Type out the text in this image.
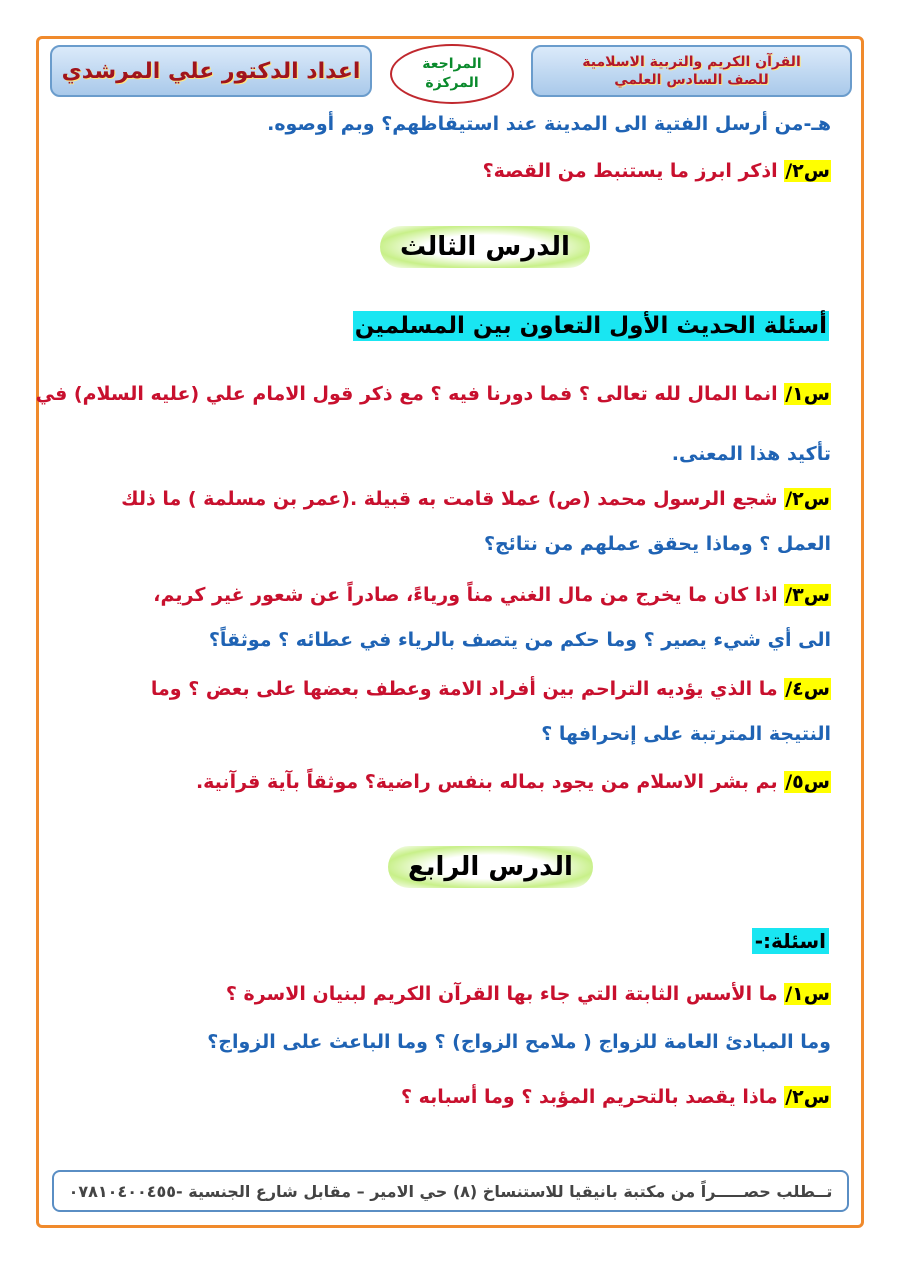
القرآن الكريم والتربية الاسلامية
للصف السادس العلمي
المراجعة
المركزة
اعداد الدكتور علي المرشدي
هـ-من أرسل الفتية الى المدينة عند استيقاظهم؟ وبم أوصوه.
س٢/ اذكر ابرز ما يستنبط من القصة؟
الدرس الثالث
أسئلة الحديث الأول التعاون بين المسلمين
س١/ انما المال لله تعالى ؟ فما دورنا فيه ؟ مع ذكر قول الامام علي (عليه السلام) في
تأكيد هذا المعنى.
س٢/ شجع الرسول محمد (ص) عملا قامت به قبيلة .(عمر بن مسلمة ) ما ذلك
العمل ؟ وماذا يحقق عملهم من نتائج؟
س٣/ اذا كان ما يخرج من مال الغني مناً ورياءً، صادراً عن شعور غير كريم،
الى أي شيء يصير ؟ وما حكم من يتصف بالرياء في عطائه ؟ موثقاً؟
س٤/ ما الذي يؤديه التراحم بين أفراد الامة وعطف بعضها على بعض ؟ وما
النتيجة المترتبة على إنحرافها ؟
س٥/ بم بشر الاسلام من يجود بماله بنفس راضية؟ موثقاً بآية قرآنية.
الدرس الرابع
اسئلة:-
س١/ ما الأسس الثابتة التي جاء بها القرآن الكريم لبنيان الاسرة ؟
وما المبادئ العامة للزواج ( ملامح الزواج) ؟ وما الباعث على الزواج؟
س٢/ ماذا يقصد بالتحريم المؤبد ؟ وما أسبابه ؟
تــطلب حصـــــراً من مكتبة بانيقيا للاستنساخ (٨) حي الامير – مقابل شارع الجنسية -٠٧٨١٠٤٠٠٤٥٥
